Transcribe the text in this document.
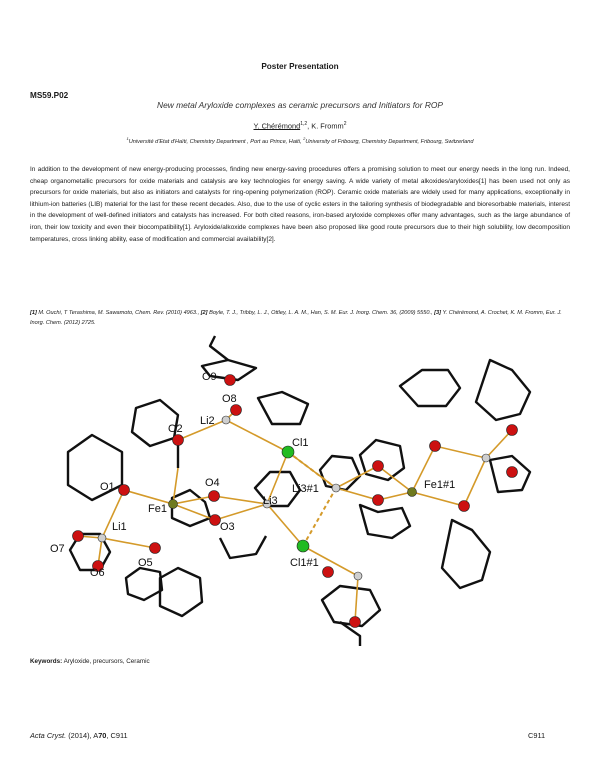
Poster Presentation
MS59.P02
New metal Aryloxide complexes as ceramic precursors and Initiators for ROP
Y. Chérémond$^{1,2}$, K. Fromm$^2$
$^1$Université d'Etat d'Haïti, Chemistry Department , Port au Prince, Haiti, $^2$University of Fribourg, Chemistry Department, Fribourg, Switzerland
In addition to the development of new energy-producing processes, finding new energy-saving procedures offers a promising solution to meet our energy needs in the long run. Indeed, cheap organometallic precursors for oxide materials and catalysis are key technologies for energy saving. A wide variety of metal alkoxides/aryloxides[1] has been used not only as precursors for oxide materials, but also as initiators and catalysts for ring-opening polymerization (ROP). Ceramic oxide materials are widely used for many applications, exceptionally in lithium-ion batteries (LIB) material for the last for these recent decades. Also, due to the use of cyclic esters in the tailoring synthesis of biodegradable and bioresorbable materials, interest in the development of well-defined initiators and catalysts has increased. For both cited reasons, iron-based aryloxide complexes offer many advantages, such as the large abundance of iron, their low toxicity and even their biocompatibility[1]. Aryloxide/alkoxide complexes have been also proposed like good route precursors due to their high solubility, low decomposition temperatures, cross linking ability, ease of modification and commercial availability[2].
[1] M. Ouchi, T Terashima, M. Sawamoto, Chem. Rev. (2010) 4963., [2] Boyle, T. J., Tribby, L. J., Ottley, L. A. M., Han, S. M. Eur. J. Inorg. Chem. 36, (2009) 5550., [3] Y. Chérémond, A. Crochet, K. M. Fromm, Eur. J. Inorg. Chem. (2012) 2725.
O9
O8
Li2
O2
Cl1
Li3#1	Fe1#1
O1	O4
Fe1
Li3
O3
Li1
O7
O6
O5	Cl1#1
Keywords: Aryloxide, precursors, Ceramic
Acta Cryst. (2014), A70, C911	C911
